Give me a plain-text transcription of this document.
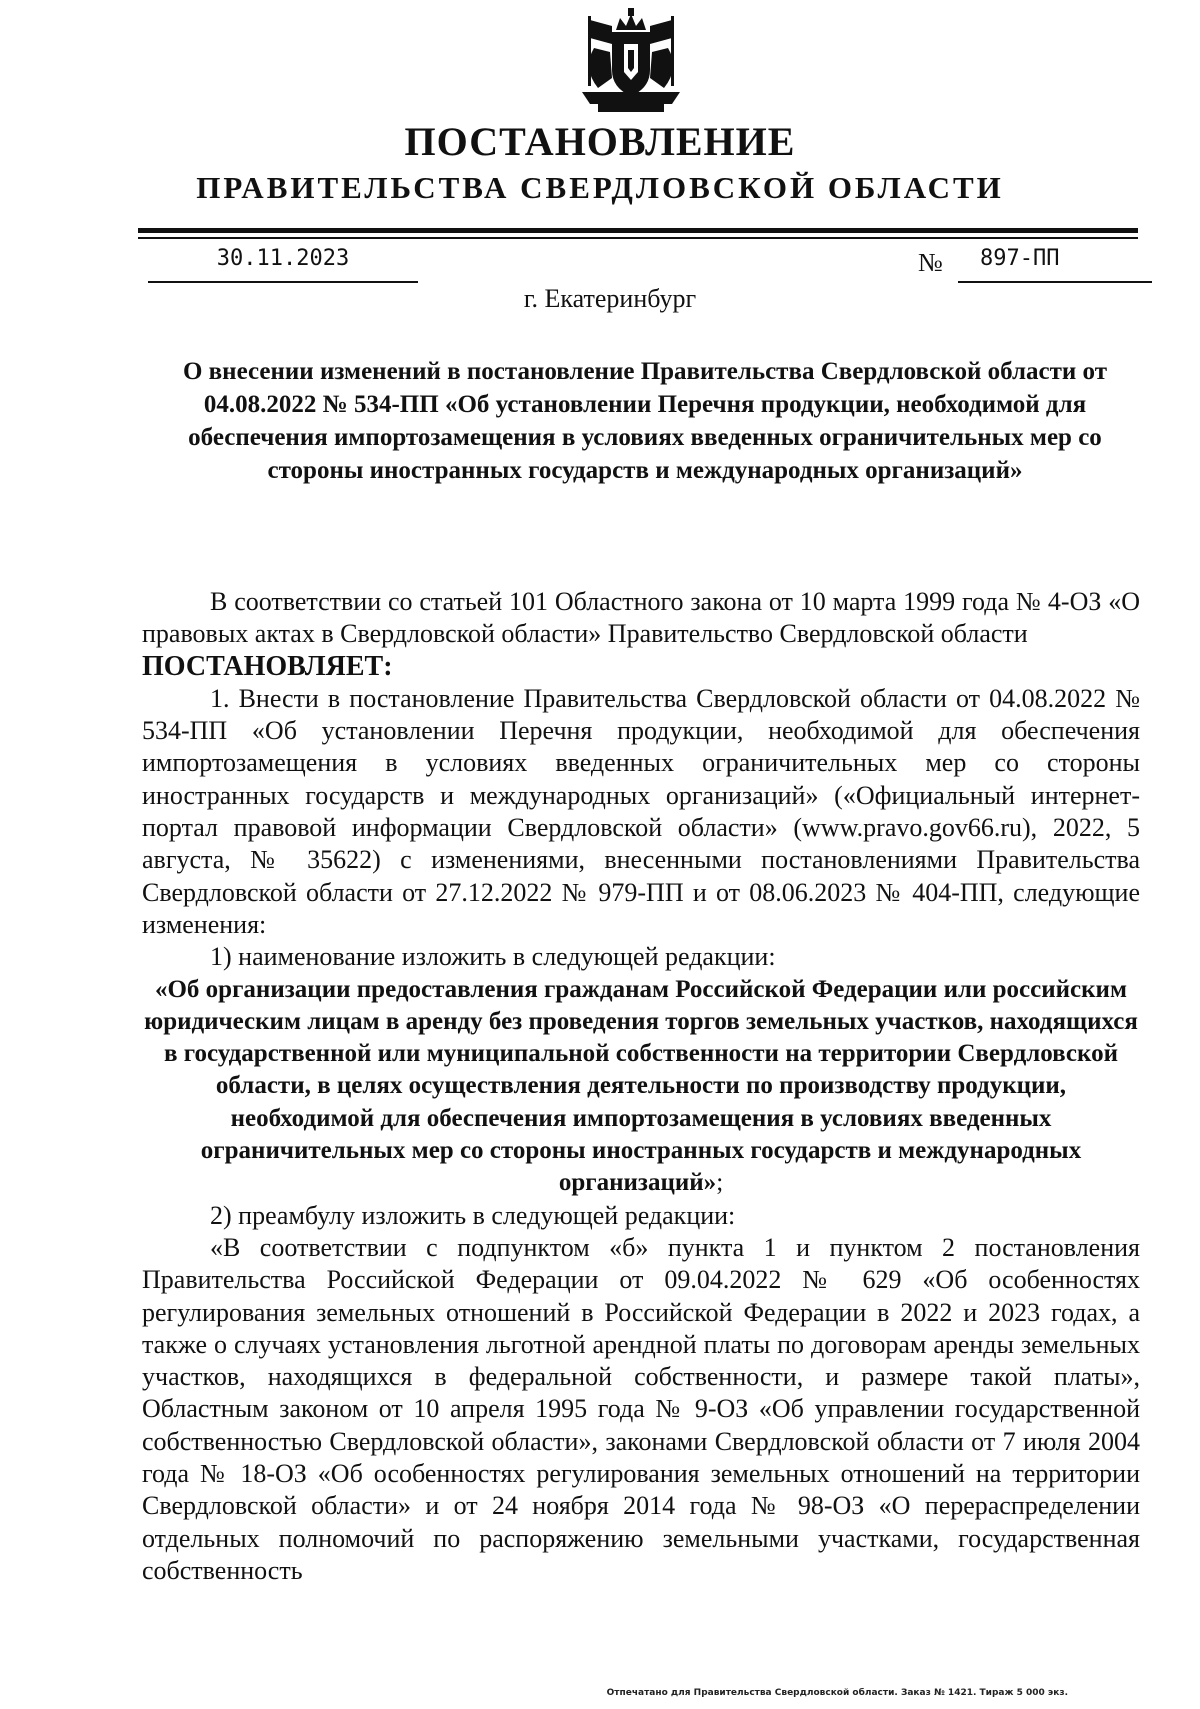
ПОСТАНОВЛЕНИЕ
ПРАВИТЕЛЬСТВА СВЕРДЛОВСКОЙ ОБЛАСТИ
30.11.2023	№	897-ПП
г. Екатеринбург
О внесении изменений в постановление Правительства Свердловской области от 04.08.2022 № 534-ПП «Об установлении Перечня продукции, необходимой для обеспечения импортозамещения в условиях введенных ограничительных мер со стороны иностранных государств и международных организаций»

В соответствии со статьей 101 Областного закона от 10 марта 1999 года № 4-ОЗ «О правовых актах в Свердловской области» Правительство Свердловской области

ПОСТАНОВЛЯЕТ:

1. Внести в постановление Правительства Свердловской области от 04.08.2022 № 534-ПП «Об установлении Перечня продукции, необходимой для обеспечения импортозамещения в условиях введенных ограничительных мер со стороны иностранных государств и международных организаций» («Официальный интернет-портал правовой информации Свердловской области» (www.pravo.gov66.ru), 2022, 5 августа, № 35622) с изменениями, внесенными постановлениями Правительства Свердловской области от 27.12.2022 № 979-ПП и от 08.06.2023 № 404-ПП, следующие изменения:

1) наименование изложить в следующей редакции:

«Об организации предоставления гражданам Российской Федерации или российским юридическим лицам в аренду без проведения торгов земельных участков, находящихся в государственной или муниципальной собственности на территории Свердловской области, в целях осуществления деятельности по производству продукции, необходимой для обеспечения импортозамещения в условиях введенных ограничительных мер со стороны иностранных государств и международных организаций»;

2) преамбулу изложить в следующей редакции:

«В соответствии с подпунктом «б» пункта 1 и пунктом 2 постановления Правительства Российской Федерации от 09.04.2022 № 629 «Об особенностях регулирования земельных отношений в Российской Федерации в 2022 и 2023 годах, а также о случаях установления льготной арендной платы по договорам аренды земельных участков, находящихся в федеральной собственности, и размере такой платы», Областным законом от 10 апреля 1995 года № 9-ОЗ «Об управлении государственной собственностью Свердловской области», законами Свердловской области от 7 июля 2004 года № 18-ОЗ «Об особенностях регулирования земельных отношений на территории Свердловской области» и от 24 ноября 2014 года № 98-ОЗ «О перераспределении отдельных полномочий по распоряжению земельными участками, государственная собственность

Отпечатано для Правительства Свердловской области. Заказ № 1421. Тираж 5 000 экз.
